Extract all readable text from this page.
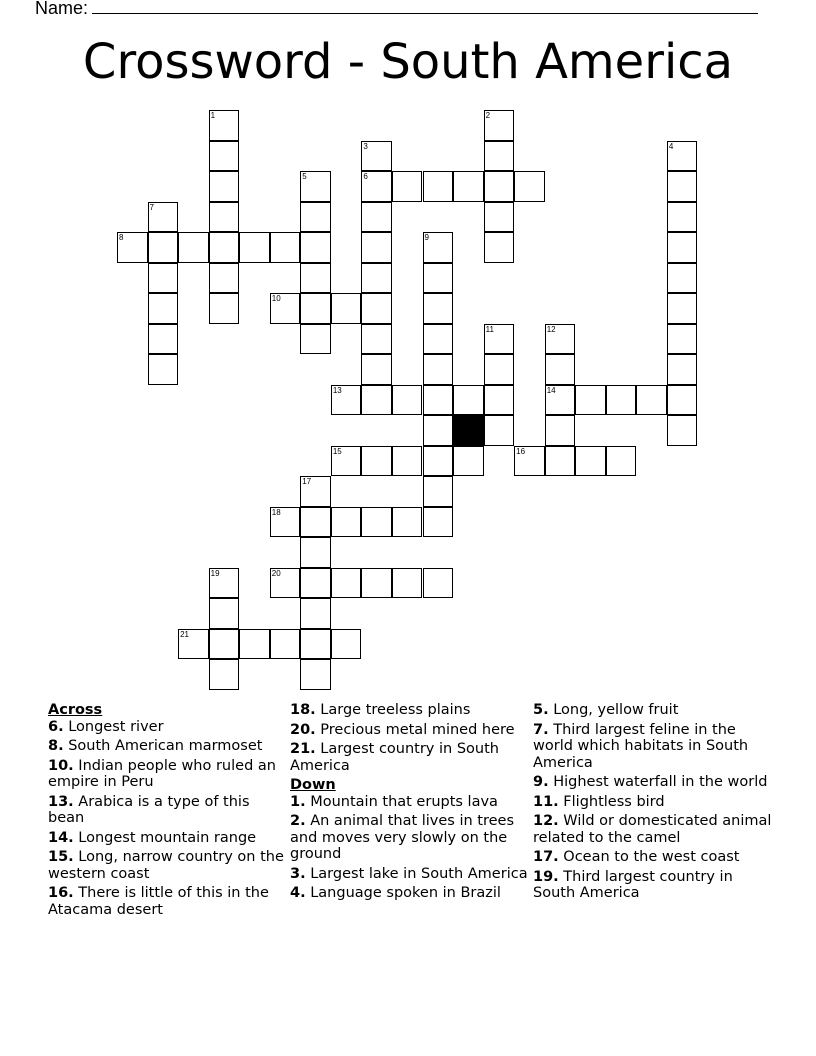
Name:
Crossword - South America
1	2
3
6
4
5
7
8	9
10
11	12
14
13
15	16
17
18
19	20
21
Across
6. Longest river
8. South American marmoset
10. Indian people who ruled an empire in Peru
13. Arabica is a type of this bean
14. Longest mountain range
15. Long, narrow country on the western coast
16. There is little of this in the Atacama desert
18. Large treeless plains
20. Precious metal mined here
21. Largest country in South America
Down
1. Mountain that erupts lava
2. An animal that lives in trees and moves very slowly on the ground
3. Largest lake in South America
4. Language spoken in Brazil
5. Long, yellow fruit
7. Third largest feline in the world which habitats in South America
9. Highest waterfall in the world
11. Flightless bird
12. Wild or domesticated animal related to the camel
17. Ocean to the west coast
19. Third largest country in South America
